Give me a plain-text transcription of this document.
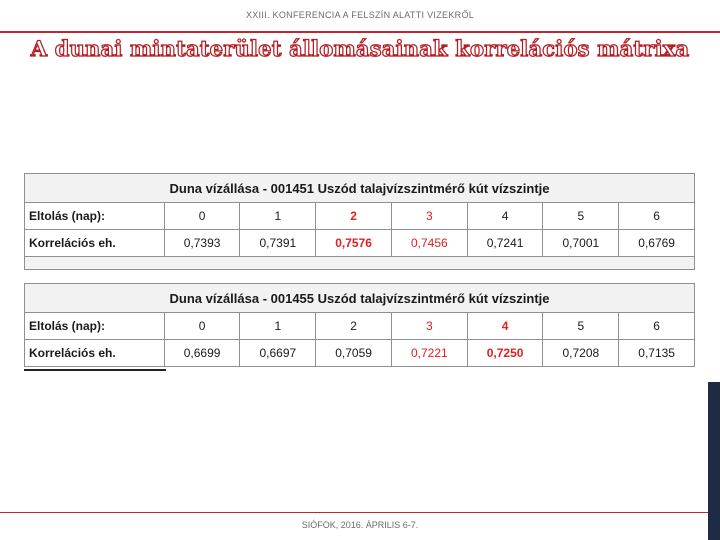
XXIII. KONFERENCIA A FELSZÍN ALATTI VIZEKRŐL
A dunai mintaterület állomásainak korrelációs mátrixa
Duna vízállása - 001451 Uszód talajvízszintmérő kút vízszintje							
Eltolás (nap):	0	1	2	3	4	5	6
Korrelációs eh.	0,7393	0,7391	0,7576	0,7456	0,7241	0,7001	0,6769

Duna vízállása - 001455 Uszód talajvízszintmérő kút vízszintje							
Eltolás (nap):	0	1	2	3	4	5	6
Korrelációs eh.	0,6699	0,6697	0,7059	0,7221	0,7250	0,7208	0,7135
SIÓFOK, 2016. ÁPRILIS 6-7.
